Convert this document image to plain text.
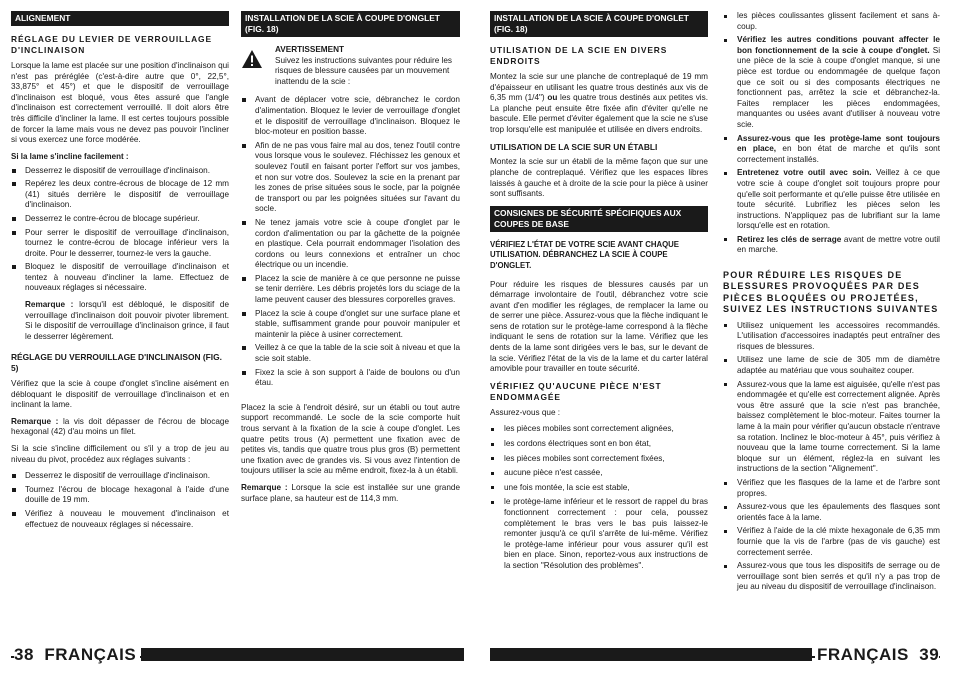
ALIGNEMENT
RÉGLAGE DU LEVIER DE VERROUILLAGE D'INCLINAISON

Lorsque la lame est placée sur une position d'inclinaison qui n'est pas préréglée (c'est-à-dire autre que 0°, 22,5°, 33,875° et 45°) et que le dispositif de verrouillage d'inclinaison est bloqué, vous êtes assuré que l'angle d'inclinaison est correctement verrouillé. Il doit alors être très difficile d'incliner la lame. Il est certes toujours possible de forcer la lame mais vous ne devez pas pouvoir l'incliner si vous exercez une force modérée.

Si la lame s'incline facilement :
Desserrez le dispositif de verrouillage d'inclinaison.
Repérez les deux contre-écrous de blocage de 12 mm (41) situés derrière le dispositif de verrouillage d'inclinaison.
Desserrez le contre-écrou de blocage supérieur.
Pour serrer le dispositif de verrouillage d'inclinaison, tournez le contre-écrou de blocage inférieur vers la droite. Pour le desserrer, tournez-le vers la gauche.
Bloquez le dispositif de verrouillage d'inclinaison et tentez à nouveau d'incliner la lame. Effectuez de nouveaux réglages si nécessaire.

Remarque : lorsqu'il est débloqué, le dispositif de verrouillage d'inclinaison doit pouvoir pivoter librement. Si le dispositif de verrouillage d'inclinaison grince, il faut le desserrer légèrement.

RÉGLAGE DU VERROUILLAGE D'INCLINAISON (FIG. 5)

Vérifiez que la scie à coupe d'onglet s'incline aisément en débloquant le dispositif de verrouillage d'inclinaison et en inclinant la lame.

Remarque : la vis doit dépasser de l'écrou de blocage hexagonal (42) d'au moins un filet.

Si la scie s'incline difficilement ou s'il y a trop de jeu au niveau du pivot, procédez aux réglages suivants :

Desserrez le dispositif de verrouillage d'inclinaison.
Tournez l'écrou de blocage hexagonal à l'aide d'une douille de 19 mm.
Vérifiez à nouveau le mouvement d'inclinaison et effectuez de nouveaux réglages si nécessaire.
INSTALLATION DE LA SCIE À COUPE D'ONGLET (FIG. 18)
AVERTISSEMENT
Suivez les instructions suivantes pour réduire les risques de blessure causées par un mouvement inattendu de la scie :
Avant de déplacer votre scie, débranchez le cordon d'alimentation. Bloquez le levier de verrouillage d'onglet et le dispositif de verrouillage d'inclinaison. Bloquez le bloc-moteur en position basse.
Afin de ne pas vous faire mal au dos, tenez l'outil contre vous lorsque vous le soulevez. Fléchissez les genoux et soulevez l'outil en faisant porter l'effort sur vos jambes, et non sur votre dos. Soulevez la scie en la prenant par les zones de prise situées sous le socle, par la poignée de transport ou par les poignées situées sur l'avant du socle.
Ne tenez jamais votre scie à coupe d'onglet par le cordon d'alimentation ou par la gâchette de la poignée en plastique. Cela pourrait endommager l'isolation des cordons ou leurs connexions et entraîner un choc électrique ou un incendie.
Placez la scie de manière à ce que personne ne puisse se tenir derrière. Les débris projetés lors du sciage de la lame peuvent causer des blessures corporelles graves.
Placez la scie à coupe d'onglet sur une surface plane et stable, suffisamment grande pour pouvoir manipuler et maintenir la pièce à usiner correctement.
Veillez à ce que la table de la scie soit à niveau et que la scie soit stable.
Fixez la scie à son support à l'aide de boulons ou d'un étau.

Placez la scie à l'endroit désiré, sur un établi ou tout autre support recommandé. Le socle de la scie comporte huit trous servant à la fixation de la scie à coupe d'onglet. Les quatre petits trous (A) permettent une fixation avec de petites vis, tandis que quatre trous plus gros (B) permettent une fixation avec de grandes vis. Si vous avez l'intention de toujours utiliser la scie au même endroit, fixez-la à un établi.

Remarque : Lorsque la scie est installée sur une grande surface plane, sa hauteur est de 114,3 mm.

INSTALLATION DE LA SCIE À COUPE D'ONGLET (FIG. 18)
UTILISATION DE LA SCIE EN DIVERS ENDROITS

Montez la scie sur une planche de contreplaqué de 19 mm d'épaisseur en utilisant les quatre trous destinés aux vis de 6,35 mm (1/4") ou les quatre trous destinés aux petites vis. La planche peut ensuite être fixée afin d'éviter qu'elle ne bascule. Elle permet d'éviter également que la scie ne s'use trop lorsqu'elle est manipulée et utilisée en divers endroits.

UTILISATION DE LA SCIE SUR UN ÉTABLI

Montez la scie sur un établi de la même façon que sur une planche de contreplaqué. Vérifiez que les espaces libres laissés à gauche et à droite de la scie pour la pièce à usiner sont suffisants.

CONSIGNES DE SÉCURITÉ SPÉCIFIQUES AUX COUPES DE BASE

VÉRIFIEZ L'ÉTAT DE VOTRE SCIE AVANT CHAQUE UTILISATION. DÉBRANCHEZ LA SCIE À COUPE D'ONGLET.

Pour réduire les risques de blessures causés par un démarrage involontaire de l'outil, débranchez votre scie avant d'en modifier les réglages, de remplacer la lame ou de serrer une pièce. Assurez-vous que la flèche indiquant le sens de rotation sur le protège-lame correspond à la flèche indiquant le sens de rotation sur la lame. Vérifiez que les dents de la lame sont dirigées vers le bas, sur le devant de la scie. Vérifiez l'état de la vis de la lame et du carter latéral amovible pour travailler en toute sécurité.

VÉRIFIEZ QU'AUCUNE PIÈCE N'EST ENDOMMAGÉE

Assurez-vous que :

les pièces mobiles sont correctement alignées,
les cordons électriques sont en bon état,
les pièces mobiles sont correctement fixées,
aucune pièce n'est cassée,
une fois montée, la scie est stable,
le protège-lame inférieur et le ressort de rappel du bras fonctionnent correctement : pour cela, poussez complètement le bras vers le bas puis laissez-le remonter jusqu'à ce qu'il s'arrête de lui-même. Vérifiez le protège-lame inférieur pour vous assurer qu'il est bien en place. Sinon, reportez-vous aux instructions de la section "Résolution des problèmes".
les pièces coulissantes glissent facilement et sans à-coup.
Vérifiez les autres conditions pouvant affecter le bon fonctionnement de la scie à coupe d'onglet. Si une pièce de la scie à coupe d'onglet manque, si une pièce est tordue ou endommagée de quelque façon que ce soit ou si des composants électriques ne fonctionnent pas, arrêtez la scie et débranchez-la. Faites remplacer les pièces endommagées, manquantes ou usées avant d'utiliser à nouveau votre scie.
Assurez-vous que les protège-lame sont toujours en place, en bon état de marche et qu'ils sont correctement installés.
Entretenez votre outil avec soin. Veillez à ce que votre scie à coupe d'onglet soit toujours propre pour qu'elle soit performante et qu'elle puisse être utilisée en toute sécurité. Lubrifiez les pièces selon les instructions. N'appliquez pas de lubrifiant sur la lame lorsqu'elle est en rotation.
Retirez les clés de serrage avant de mettre votre outil en marche.
POUR RÉDUIRE LES RISQUES DE BLESSURES PROVOQUÉES PAR DES PIÈCES BLOQUÉES OU PROJETÉES, SUIVEZ LES INSTRUCTIONS SUIVANTES
Utilisez uniquement les accessoires recommandés. L'utilisation d'accessoires inadaptés peut entraîner des risques de blessures.
Utilisez une lame de scie de 305 mm de diamètre adaptée au matériau que vous souhaitez couper.
Assurez-vous que la lame est aiguisée, qu'elle n'est pas endommagée et qu'elle est correctement alignée. Après vous être assuré que la scie n'est pas branchée, baissez complètement le bloc-moteur. Faites tourner la lame à la main pour vérifier qu'aucun obstacle n'entrave sa rotation. Inclinez le bloc-moteur à 45°, puis vérifiez à nouveau que la lame tourne correctement. Si la lame bloque sur un élément, réglez-la en suivant les instructions de la section "Alignement".
Vérifiez que les flasques de la lame et de l'arbre sont propres.
Assurez-vous que les épaulements des flasques sont orientés face à la lame.
Vérifiez à l'aide de la clé mixte hexagonale de 6,35 mm fournie que la vis de l'arbre (pas de vis gauche) est correctement serrée.
Assurez-vous que tous les dispositifs de serrage ou de verrouillage sont bien serrés et qu'il n'y a pas trop de jeu au niveau du dispositif de verrouillage d'inclinaison.
38 FRANÇAIS	FRANÇAIS 39
